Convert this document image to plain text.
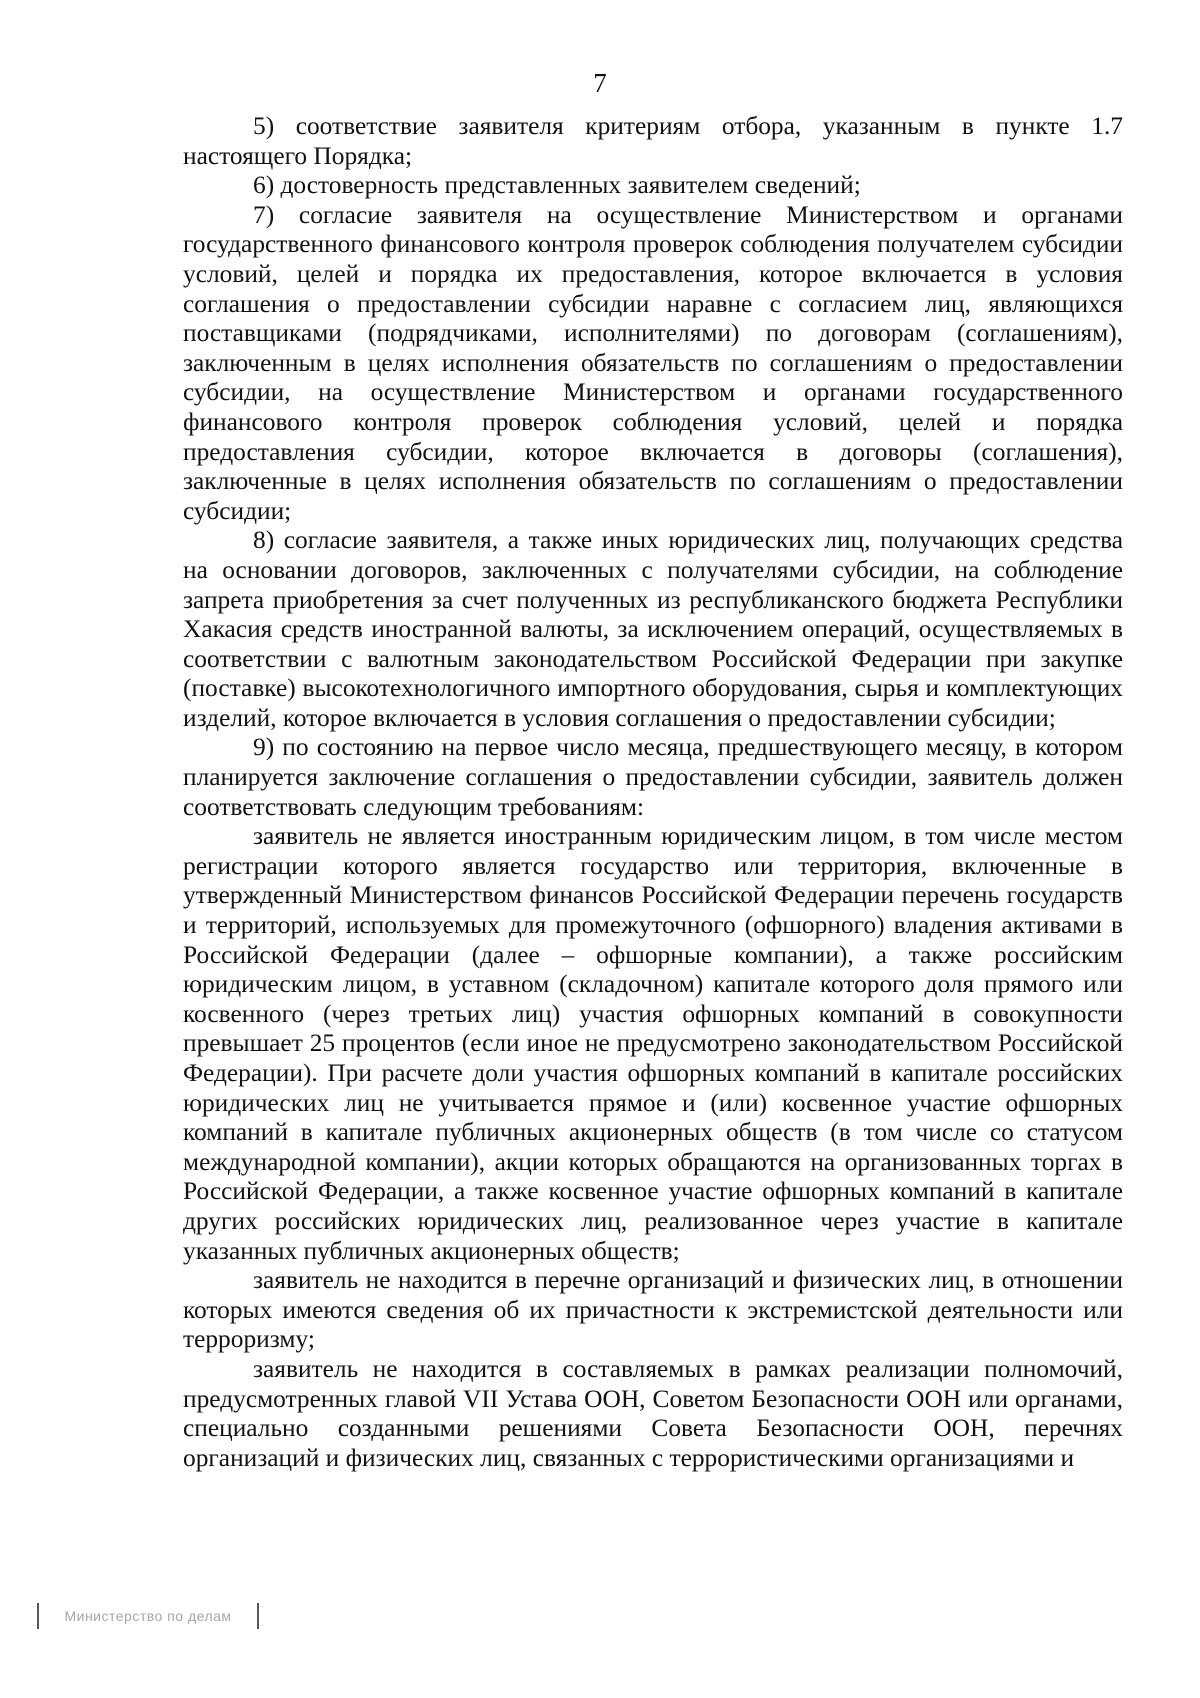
7

5) соответствие заявителя критериям отбора, указанным в пункте 1.7 настоящего Порядка;

6) достоверность представленных заявителем сведений;

7) согласие заявителя на осуществление Министерством и органами государственного финансового контроля проверок соблюдения получателем субсидии условий, целей и порядка их предоставления, которое включается в условия соглашения о предоставлении субсидии наравне с согласием лиц, являющихся поставщиками (подрядчиками, исполнителями) по договорам (соглашениям), заключенным в целях исполнения обязательств по соглашениям о предоставлении субсидии, на осуществление Министерством и органами государственного финансового контроля проверок соблюдения условий, целей и порядка предоставления субсидии, которое включается в договоры (соглашения), заключенные в целях исполнения обязательств по соглашениям о предоставлении субсидии;

8) согласие заявителя, а также иных юридических лиц, получающих средства на основании договоров, заключенных с получателями субсидии, на соблюдение запрета приобретения за счет полученных из республиканского бюджета Республики Хакасия средств иностранной валюты, за исключением операций, осуществляемых в соответствии с валютным законодательством Российской Федерации при закупке (поставке) высокотехнологичного импортного оборудования, сырья и комплектующих изделий, которое включается в условия соглашения о предоставлении субсидии;

9) по состоянию на первое число месяца, предшествующего месяцу, в котором планируется заключение соглашения о предоставлении субсидии, заявитель должен соответствовать следующим требованиям:

заявитель не является иностранным юридическим лицом, в том числе местом регистрации которого является государство или территория, включенные в утвержденный Министерством финансов Российской Федерации перечень государств и территорий, используемых для промежуточного (офшорного) владения активами в Российской Федерации (далее – офшорные компании), а также российским юридическим лицом, в уставном (складочном) капитале которого доля прямого или косвенного (через третьих лиц) участия офшорных компаний в совокупности превышает 25 процентов (если иное не предусмотрено законодательством Российской Федерации). При расчете доли участия офшорных компаний в капитале российских юридических лиц не учитывается прямое и (или) косвенное участие офшорных компаний в капитале публичных акционерных обществ (в том числе со статусом международной компании), акции которых обращаются на организованных торгах в Российской Федерации, а также косвенное участие офшорных компаний в капитале других российских юридических лиц, реализованное через участие в капитале указанных публичных акционерных обществ;

заявитель не находится в перечне организаций и физических лиц, в отношении которых имеются сведения об их причастности к экстремистской деятельности или терроризму;

заявитель не находится в составляемых в рамках реализации полномочий, предусмотренных главой VII Устава ООН, Советом Безопасности ООН или органами, специально созданными решениями Совета Безопасности ООН, перечнях организаций и физических лиц, связанных с террористическими организациями и

Министерство по делам
